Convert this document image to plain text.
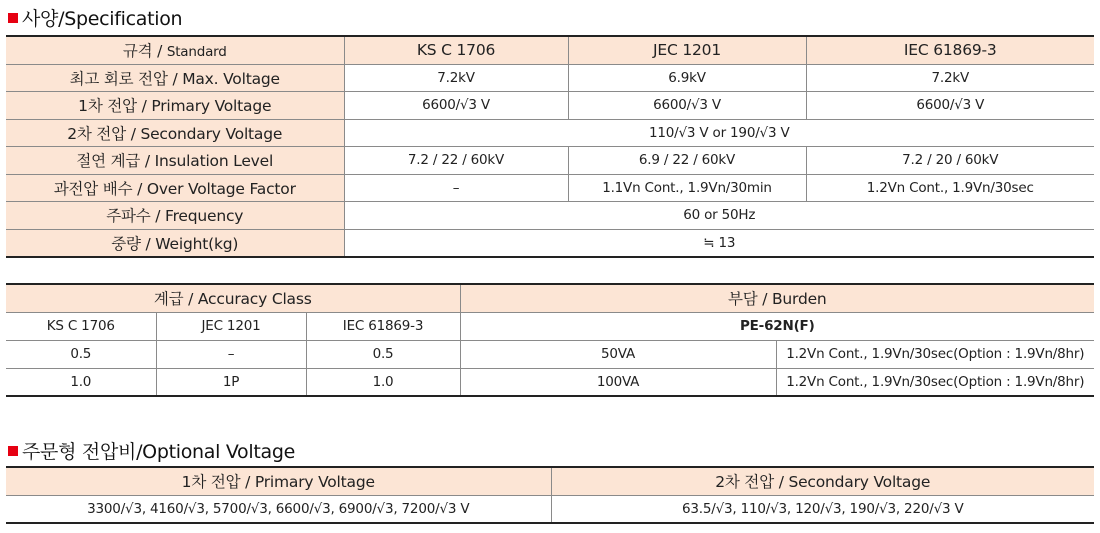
사양/Specification
규격 / Standard	KS C 1706	JEC 1201	IEC 61869-3
최고 회로 전압 / Max. Voltage	7.2kV	6.9kV	7.2kV
1차 전압 / Primary Voltage	6600/√3 V	6600/√3 V	6600/√3 V
2차 전압 / Secondary Voltage	110/√3 V or 190/√3 V		
절연 계급 / Insulation Level	7.2 / 22 / 60kV	6.9 / 22 / 60kV	7.2 / 20 / 60kV
과전압 배수 / Over Voltage Factor	–	1.1Vn Cont., 1.9Vn/30min	1.2Vn Cont., 1.9Vn/30sec
주파수 / Frequency	60 or 50Hz		
중량 / Weight(kg)	≒ 13		
계급 / Accuracy Class			부담 / Burden	
KS C 1706	JEC 1201	IEC 61869-3	PE-62N(F)	
0.5	–	0.5	50VA	1.2Vn Cont., 1.9Vn/30sec(Option : 1.9Vn/8hr)
1.0	1P	1.0	100VA	1.2Vn Cont., 1.9Vn/30sec(Option : 1.9Vn/8hr)
주문형 전압비/Optional Voltage
1차 전압 / Primary Voltage	2차 전압 / Secondary Voltage
3300/√3, 4160/√3, 5700/√3, 6600/√3, 6900/√3, 7200/√3 V	63.5/√3, 110/√3, 120/√3, 190/√3, 220/√3 V
